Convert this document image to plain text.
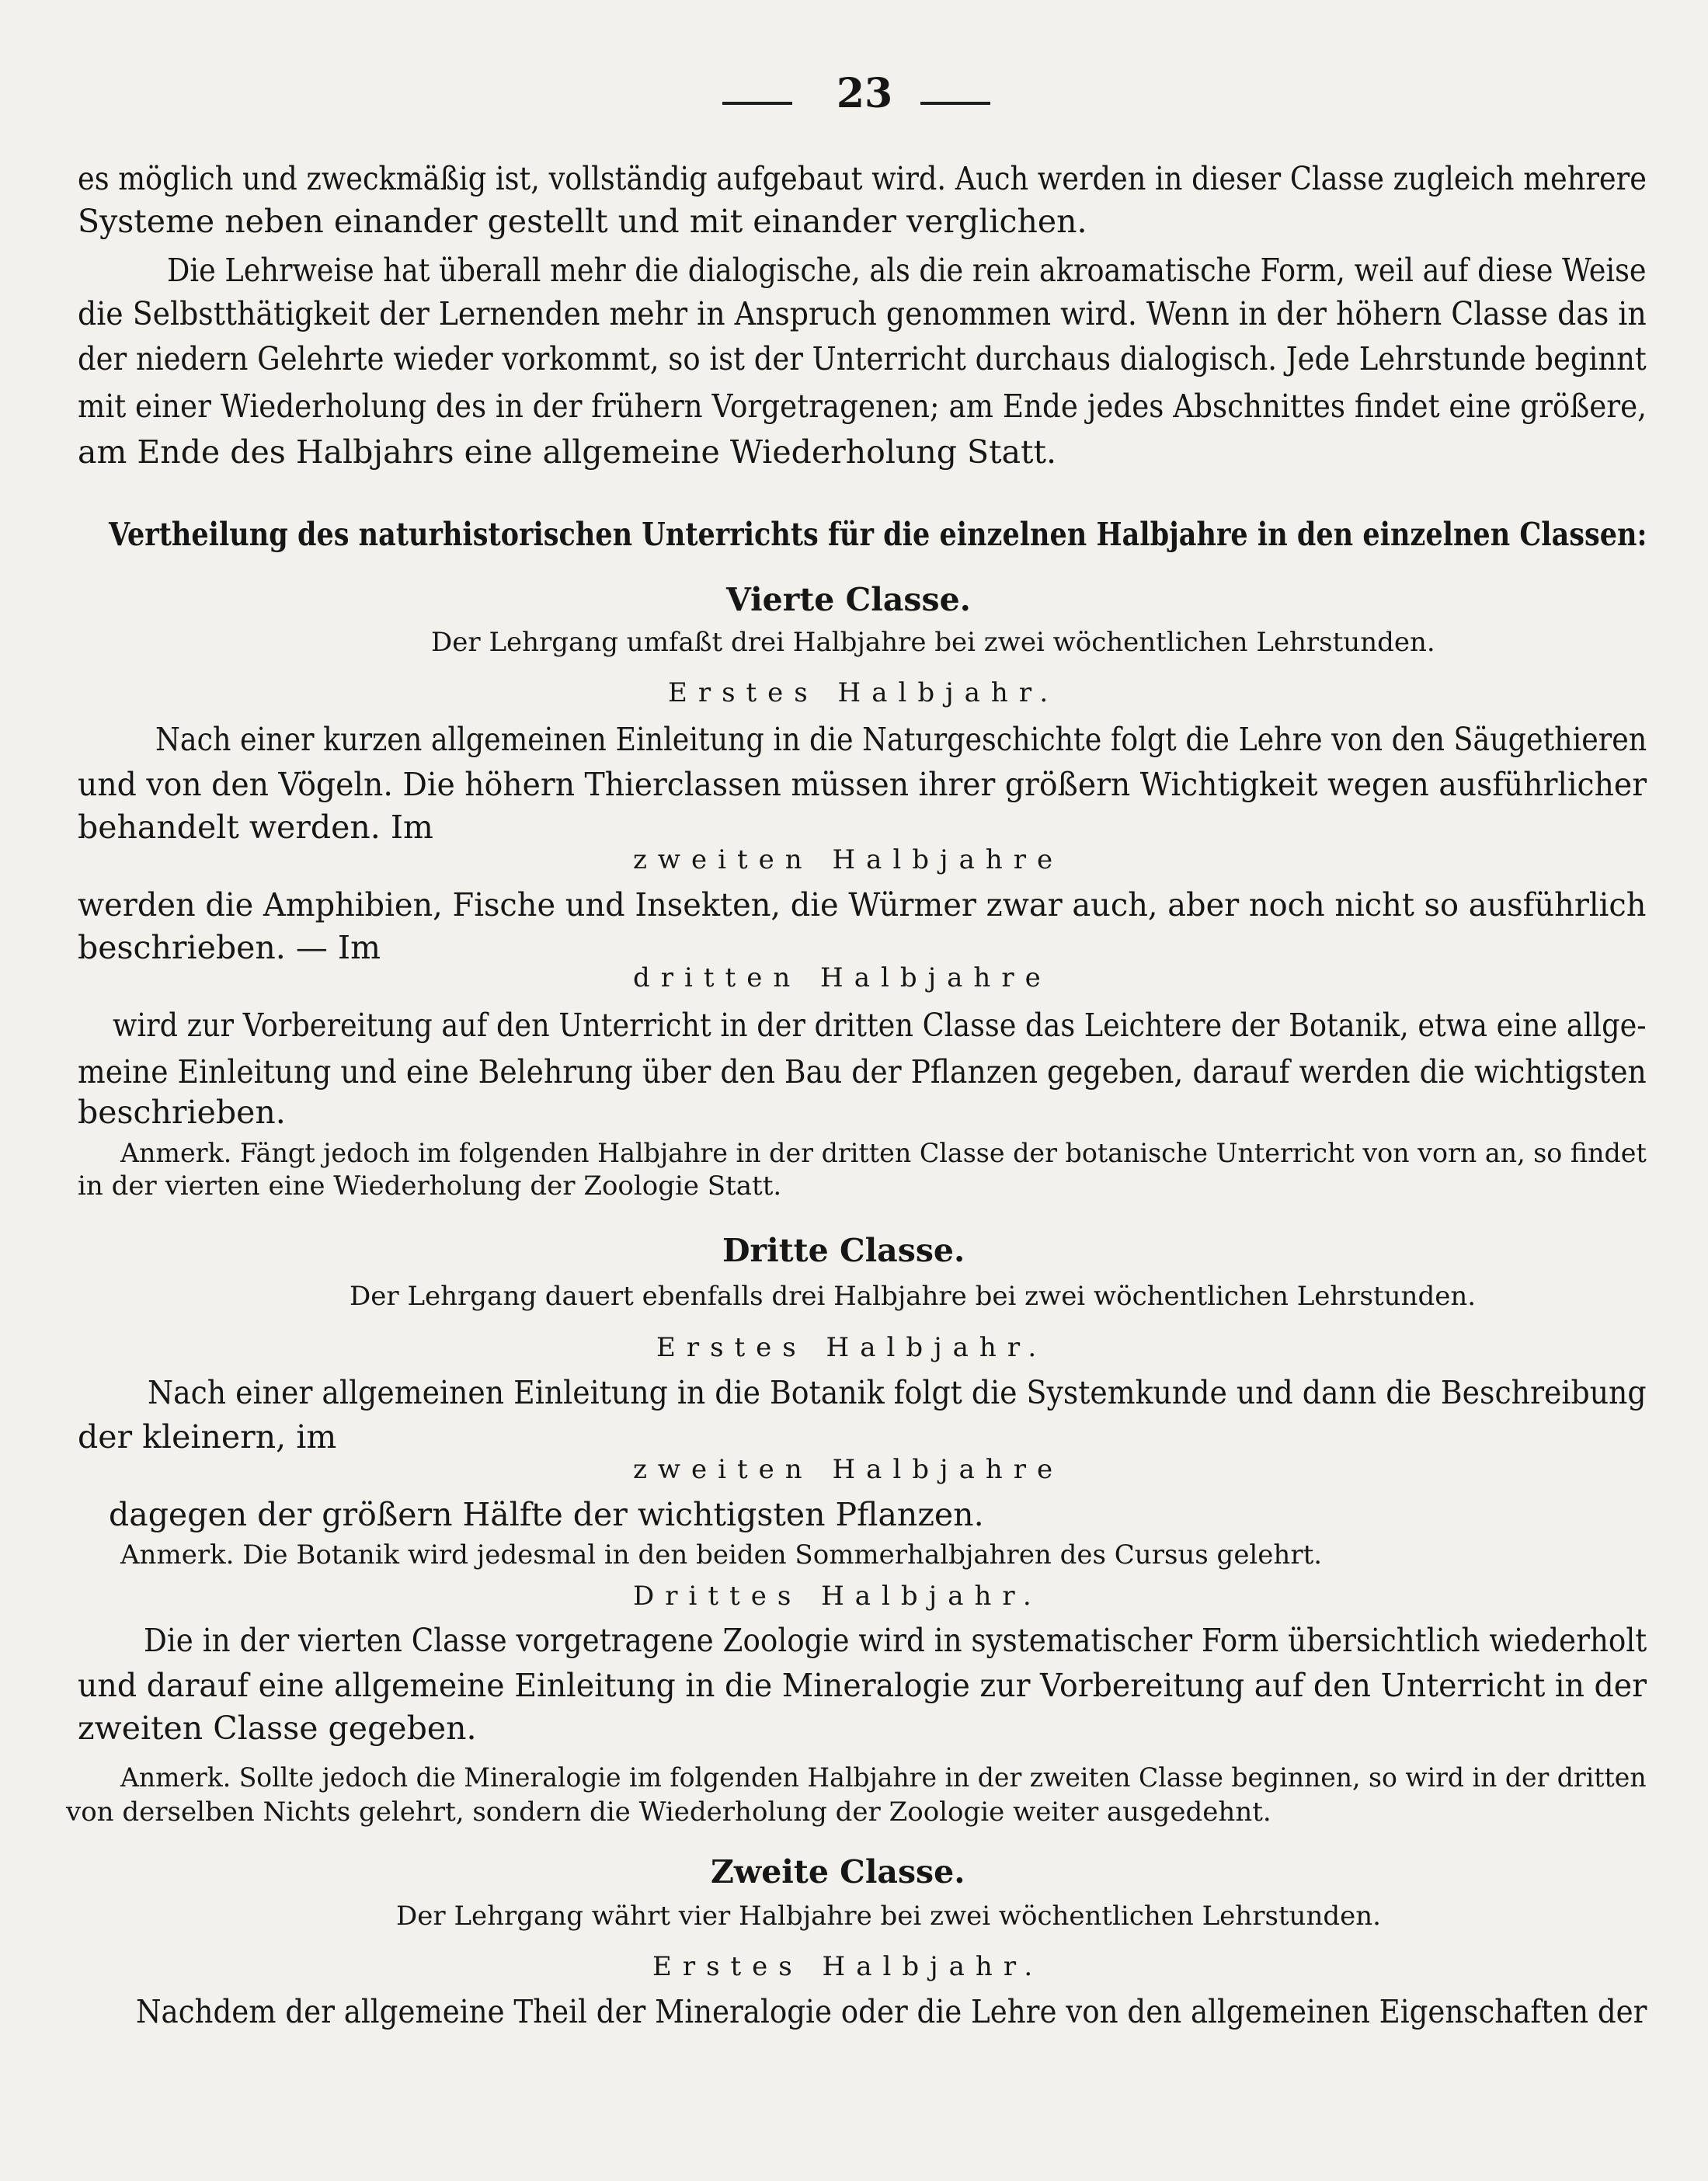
23
es möglich und zweckmäßig ist, vollständig aufgebaut wird. Auch werden in dieser Classe zugleich mehrere
Systeme neben einander gestellt und mit einander verglichen.
Die Lehrweise hat überall mehr die dialogische, als die rein akroamatische Form, weil auf diese Weise
die Selbstthätigkeit der Lernenden mehr in Anspruch genommen wird. Wenn in der höhern Classe das in
der niedern Gelehrte wieder vorkommt, so ist der Unterricht durchaus dialogisch. Jede Lehrstunde beginnt
mit einer Wiederholung des in der frühern Vorgetragenen; am Ende jedes Abschnittes findet eine größere,
am Ende des Halbjahrs eine allgemeine Wiederholung Statt.
Vertheilung des naturhistorischen Unterrichts für die einzelnen Halbjahre in den einzelnen Classen:
Vierte Classe.
Der Lehrgang umfaßt drei Halbjahre bei zwei wöchentlichen Lehrstunden.
Erstes Halbjahr.
Nach einer kurzen allgemeinen Einleitung in die Naturgeschichte folgt die Lehre von den Säugethieren
und von den Vögeln. Die höhern Thierclassen müssen ihrer größern Wichtigkeit wegen ausführlicher
behandelt werden. Im
zweiten Halbjahre
werden die Amphibien, Fische und Insekten, die Würmer zwar auch, aber noch nicht so ausführlich
beschrieben. — Im
dritten Halbjahre
wird zur Vorbereitung auf den Unterricht in der dritten Classe das Leichtere der Botanik, etwa eine allge-
meine Einleitung und eine Belehrung über den Bau der Pflanzen gegeben, darauf werden die wichtigsten
beschrieben.
Anmerk. Fängt jedoch im folgenden Halbjahre in der dritten Classe der botanische Unterricht von vorn an, so findet
in der vierten eine Wiederholung der Zoologie Statt.
Dritte Classe.
Der Lehrgang dauert ebenfalls drei Halbjahre bei zwei wöchentlichen Lehrstunden.
Erstes Halbjahr.
Nach einer allgemeinen Einleitung in die Botanik folgt die Systemkunde und dann die Beschreibung
der kleinern, im
zweiten Halbjahre
dagegen der größern Hälfte der wichtigsten Pflanzen.
Anmerk. Die Botanik wird jedesmal in den beiden Sommerhalbjahren des Cursus gelehrt.
Drittes Halbjahr.
Die in der vierten Classe vorgetragene Zoologie wird in systematischer Form übersichtlich wiederholt
und darauf eine allgemeine Einleitung in die Mineralogie zur Vorbereitung auf den Unterricht in der
zweiten Classe gegeben.
Anmerk. Sollte jedoch die Mineralogie im folgenden Halbjahre in der zweiten Classe beginnen, so wird in der dritten
von derselben Nichts gelehrt, sondern die Wiederholung der Zoologie weiter ausgedehnt.
Zweite Classe.
Der Lehrgang währt vier Halbjahre bei zwei wöchentlichen Lehrstunden.
Erstes Halbjahr.
Nachdem der allgemeine Theil der Mineralogie oder die Lehre von den allgemeinen Eigenschaften der
